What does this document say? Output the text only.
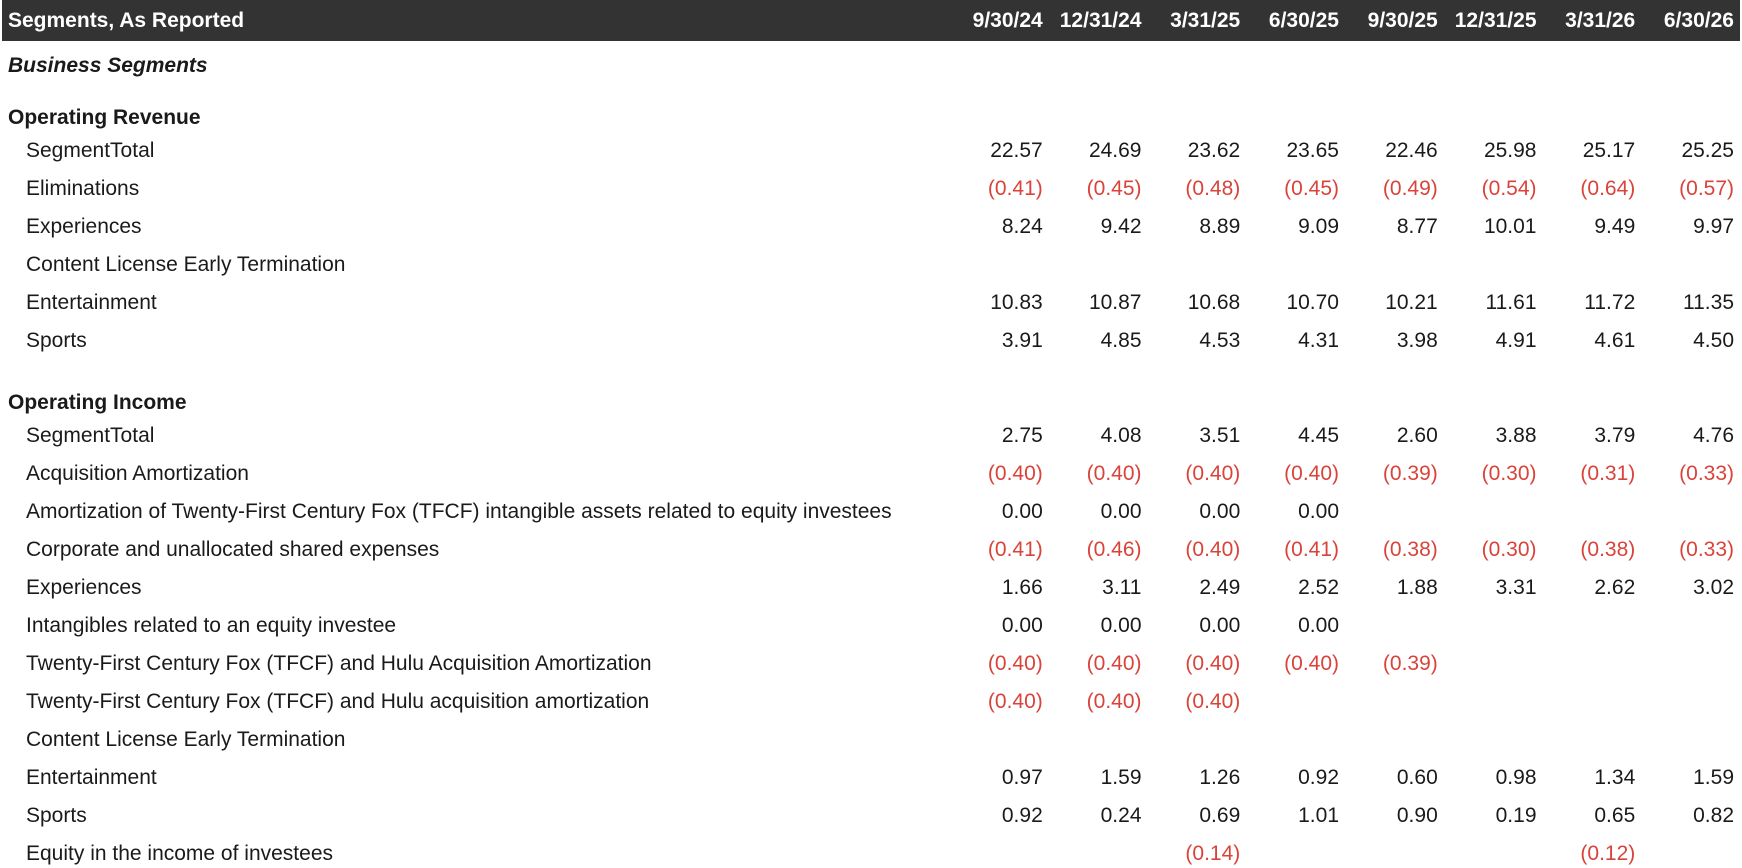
Segments, As Reported	9/30/24	12/31/24	3/31/25	6/30/25	9/30/25	12/31/25	3/31/26	6/30/26
Business Segments								
Operating Revenue								
SegmentTotal	22.57	24.69	23.62	23.65	22.46	25.98	25.17	25.25
Eliminations	(0.41)	(0.45)	(0.48)	(0.45)	(0.49)	(0.54)	(0.64)	(0.57)
Experiences	8.24	9.42	8.89	9.09	8.77	10.01	9.49	9.97
Content License Early Termination								
Entertainment	10.83	10.87	10.68	10.70	10.21	11.61	11.72	11.35
Sports	3.91	4.85	4.53	4.31	3.98	4.91	4.61	4.50

Operating Income								
SegmentTotal	2.75	4.08	3.51	4.45	2.60	3.88	3.79	4.76
Acquisition Amortization	(0.40)	(0.40)	(0.40)	(0.40)	(0.39)	(0.30)	(0.31)	(0.33)
Amortization of Twenty-First Century Fox (TFCF) intangible assets related to equity investees	0.00	0.00	0.00	0.00				
Corporate and unallocated shared expenses	(0.41)	(0.46)	(0.40)	(0.41)	(0.38)	(0.30)	(0.38)	(0.33)
Experiences	1.66	3.11	2.49	2.52	1.88	3.31	2.62	3.02
Intangibles related to an equity investee	0.00	0.00	0.00	0.00				
Twenty-First Century Fox (TFCF) and Hulu Acquisition Amortization	(0.40)	(0.40)	(0.40)	(0.40)	(0.39)			
Twenty-First Century Fox (TFCF) and Hulu acquisition amortization	(0.40)	(0.40)	(0.40)					
Content License Early Termination								
Entertainment	0.97	1.59	1.26	0.92	0.60	0.98	1.34	1.59
Sports	0.92	0.24	0.69	1.01	0.90	0.19	0.65	0.82
Equity in the income of investees			(0.14)				(0.12)	
